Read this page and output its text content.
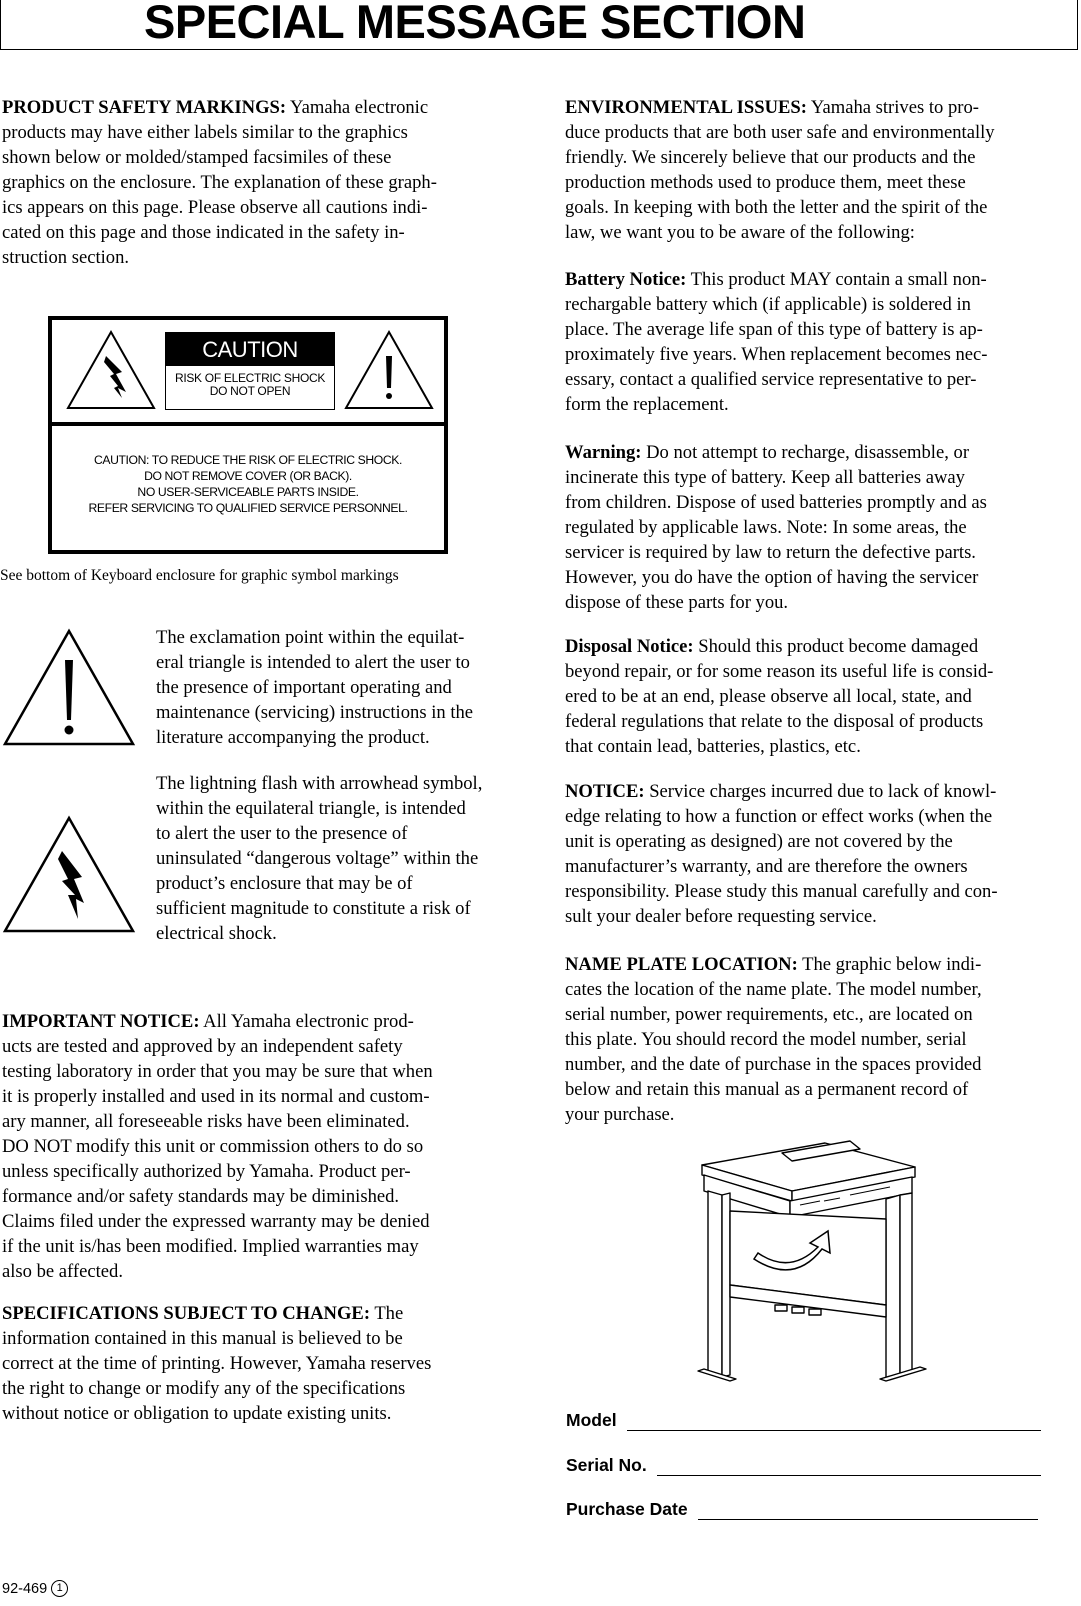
SPECIAL MESSAGE SECTION

PRODUCT SAFETY MARKINGS: Yamaha electronic
products may have either labels similar to the graphics
shown below or molded/stamped facsimiles of these
graphics on the enclosure. The explanation of these graph-
ics appears on this page. Please observe all cautions indi-
cated on this page and those indicated in the safety in-
struction section.

CAUTION
RISK OF ELECTRIC SHOCK
DO NOT OPEN
CAUTION: TO REDUCE THE RISK OF ELECTRIC SHOCK.
DO NOT REMOVE COVER (OR BACK).
NO USER-SERVICEABLE PARTS INSIDE.
REFER SERVICING TO QUALIFIED SERVICE PERSONNEL.
See bottom of Keyboard enclosure for graphic symbol markings

The exclamation point within the equilat-
eral triangle is intended to alert the user to
the presence of important operating and
maintenance (servicing) instructions in the
literature accompanying the product.

The lightning flash with arrowhead symbol,
within the equilateral triangle, is intended
to alert the user to the presence of
uninsulated “dangerous voltage” within the
product’s enclosure that may be of
sufficient magnitude to constitute a risk of
electrical shock.

IMPORTANT NOTICE: All Yamaha electronic prod-
ucts are tested and approved by an independent safety
testing laboratory in order that you may be sure that when
it is properly installed and used in its normal and custom-
ary manner, all foreseeable risks have been eliminated.
DO NOT modify this unit or commission others to do so
unless specifically authorized by Yamaha. Product per-
formance and/or safety standards may be diminished.
Claims filed under the expressed warranty may be denied
if the unit is/has been modified. Implied warranties may
also be affected.

SPECIFICATIONS SUBJECT TO CHANGE: The
information contained in this manual is believed to be
correct at the time of printing. However, Yamaha reserves
the right to change or modify any of the specifications
without notice or obligation to update existing units.

ENVIRONMENTAL ISSUES: Yamaha strives to pro-
duce products that are both user safe and environmentally
friendly. We sincerely believe that our products and the
production methods used to produce them, meet these
goals. In keeping with both the letter and the spirit of the
law, we want you to be aware of the following:

Battery Notice: This product MAY contain a small non-
rechargable battery which (if applicable) is soldered in
place. The average life span of this type of battery is ap-
proximately five years. When replacement becomes nec-
essary, contact a qualified service representative to per-
form the replacement.

Warning: Do not attempt to recharge, disassemble, or
incinerate this type of battery. Keep all batteries away
from children. Dispose of used batteries promptly and as
regulated by applicable laws. Note: In some areas, the
servicer is required by law to return the defective parts.
However, you do have the option of having the servicer
dispose of these parts for you.

Disposal Notice: Should this product become damaged
beyond repair, or for some reason its useful life is consid-
ered to be at an end, please observe all local, state, and
federal regulations that relate to the disposal of products
that contain lead, batteries, plastics, etc.

NOTICE: Service charges incurred due to lack of knowl-
edge relating to how a function or effect works (when the
unit is operating as designed) are not covered by the
manufacturer’s warranty, and are therefore the owners
responsibility. Please study this manual carefully and con-
sult your dealer before requesting service.

NAME PLATE LOCATION: The graphic below indi-
cates the location of the name plate. The model number,
serial number, power requirements, etc., are located on
this plate. You should record the model number, serial
number, and the date of purchase in the spaces provided
below and retain this manual as a permanent record of
your purchase.

Model
Serial No.
Purchase Date
92-469 1
